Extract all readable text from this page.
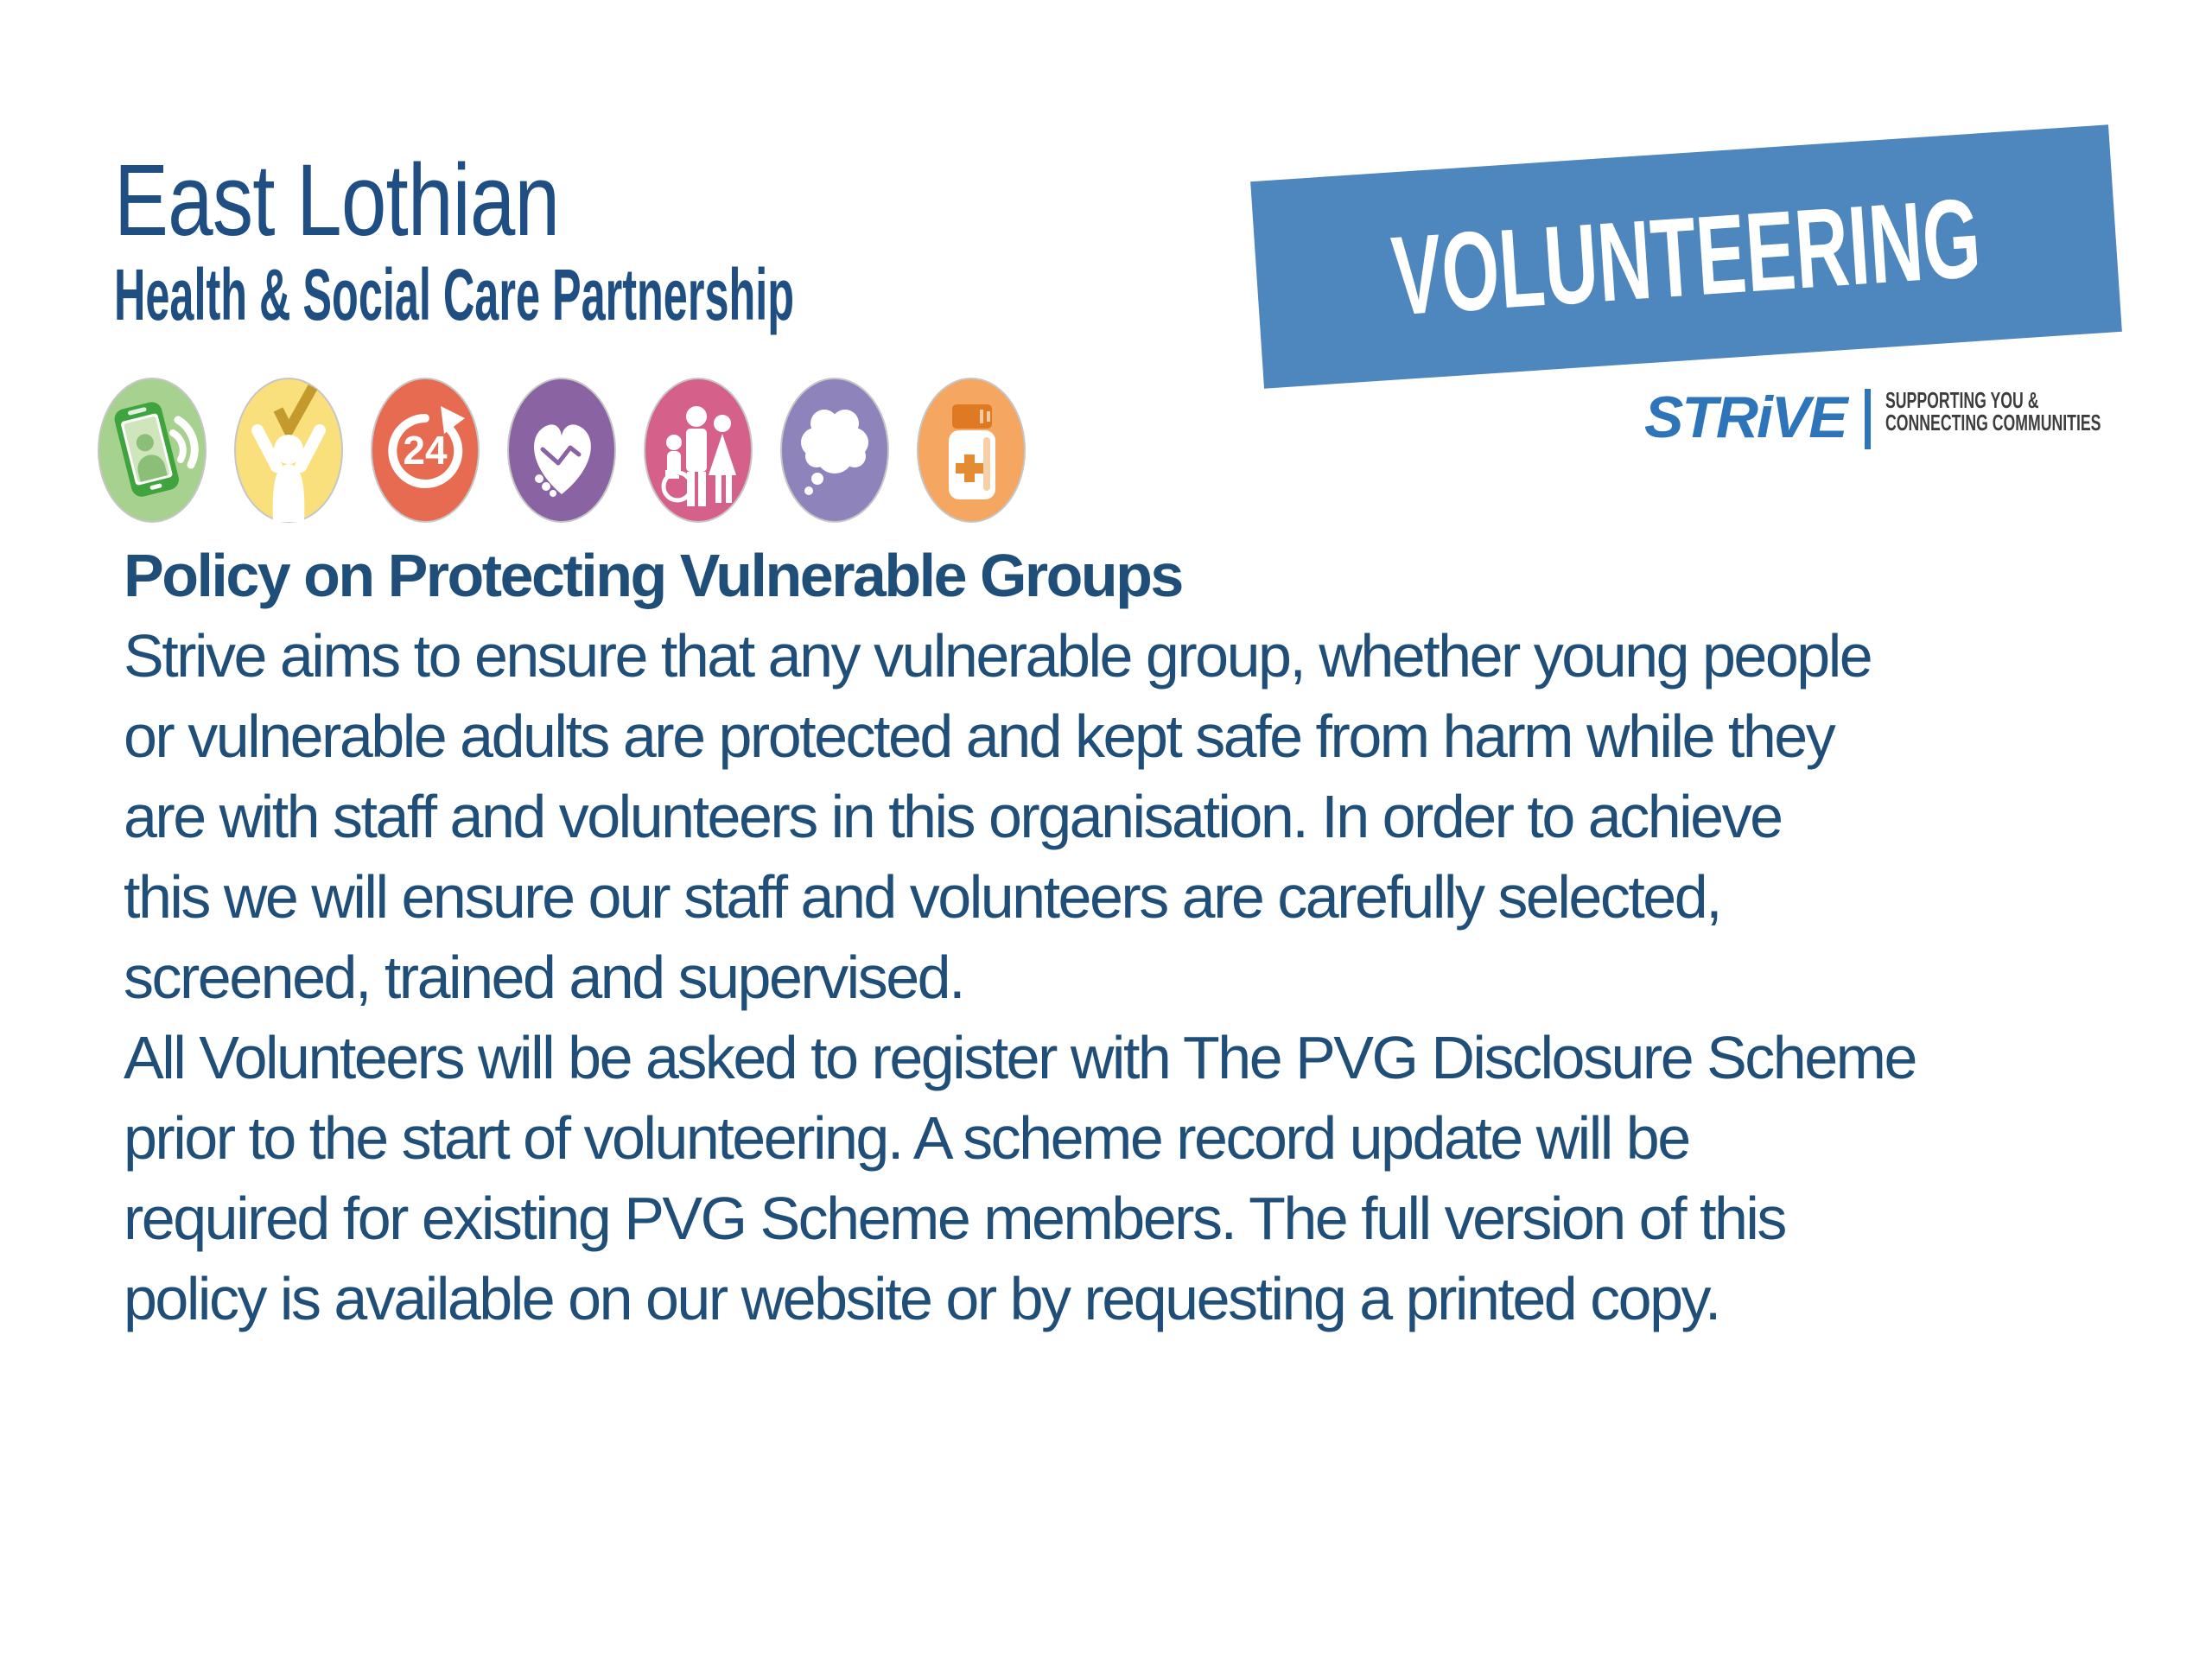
East Lothian
Health & Social Care Partnership
24
VOLUNTEERING
STRiVE SUPPORTING YOU &
CONNECTING COMMUNITIES
Policy on Protecting Vulnerable Groups
Strive aims to ensure that any vulnerable group, whether young people
or vulnerable adults are protected and kept safe from harm while they
are with staff and volunteers in this organisation. In order to achieve
this we will ensure our staff and volunteers are carefully selected,
screened, trained and supervised.
All Volunteers will be asked to register with The PVG Disclosure Scheme
prior to the start of volunteering. A scheme record update will be
required for existing PVG Scheme members. The full version of this
policy is available on our website or by requesting a printed copy.
